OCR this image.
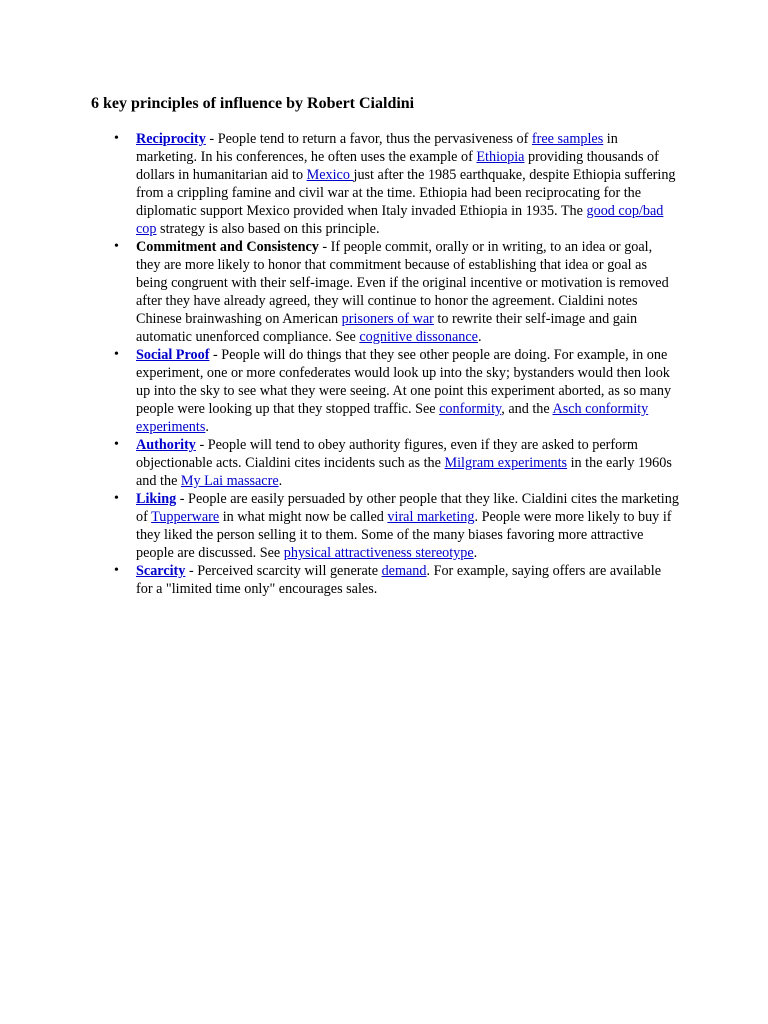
6 key principles of influence by Robert Cialdini
• Reciprocity - People tend to return a favor, thus the pervasiveness of free samples in marketing. In his conferences, he often uses the example of Ethiopia providing thousands of dollars in humanitarian aid to Mexico just after the 1985 earthquake, despite Ethiopia suffering from a crippling famine and civil war at the time. Ethiopia had been reciprocating for the diplomatic support Mexico provided when Italy invaded Ethiopia in 1935. The good cop/bad cop strategy is also based on this principle.
• Commitment and Consistency - If people commit, orally or in writing, to an idea or goal, they are more likely to honor that commitment because of establishing that idea or goal as being congruent with their self-image. Even if the original incentive or motivation is removed after they have already agreed, they will continue to honor the agreement. Cialdini notes Chinese brainwashing on American prisoners of war to rewrite their self-image and gain automatic unenforced compliance. See cognitive dissonance.
• Social Proof - People will do things that they see other people are doing. For example, in one experiment, one or more confederates would look up into the sky; bystanders would then look up into the sky to see what they were seeing. At one point this experiment aborted, as so many people were looking up that they stopped traffic. See conformity, and the Asch conformity experiments.
• Authority - People will tend to obey authority figures, even if they are asked to perform objectionable acts. Cialdini cites incidents such as the Milgram experiments in the early 1960s and the My Lai massacre.
• Liking - People are easily persuaded by other people that they like. Cialdini cites the marketing of Tupperware in what might now be called viral marketing. People were more likely to buy if they liked the person selling it to them. Some of the many biases favoring more attractive people are discussed. See physical attractiveness stereotype.
• Scarcity - Perceived scarcity will generate demand. For example, saying offers are available for a "limited time only" encourages sales.
